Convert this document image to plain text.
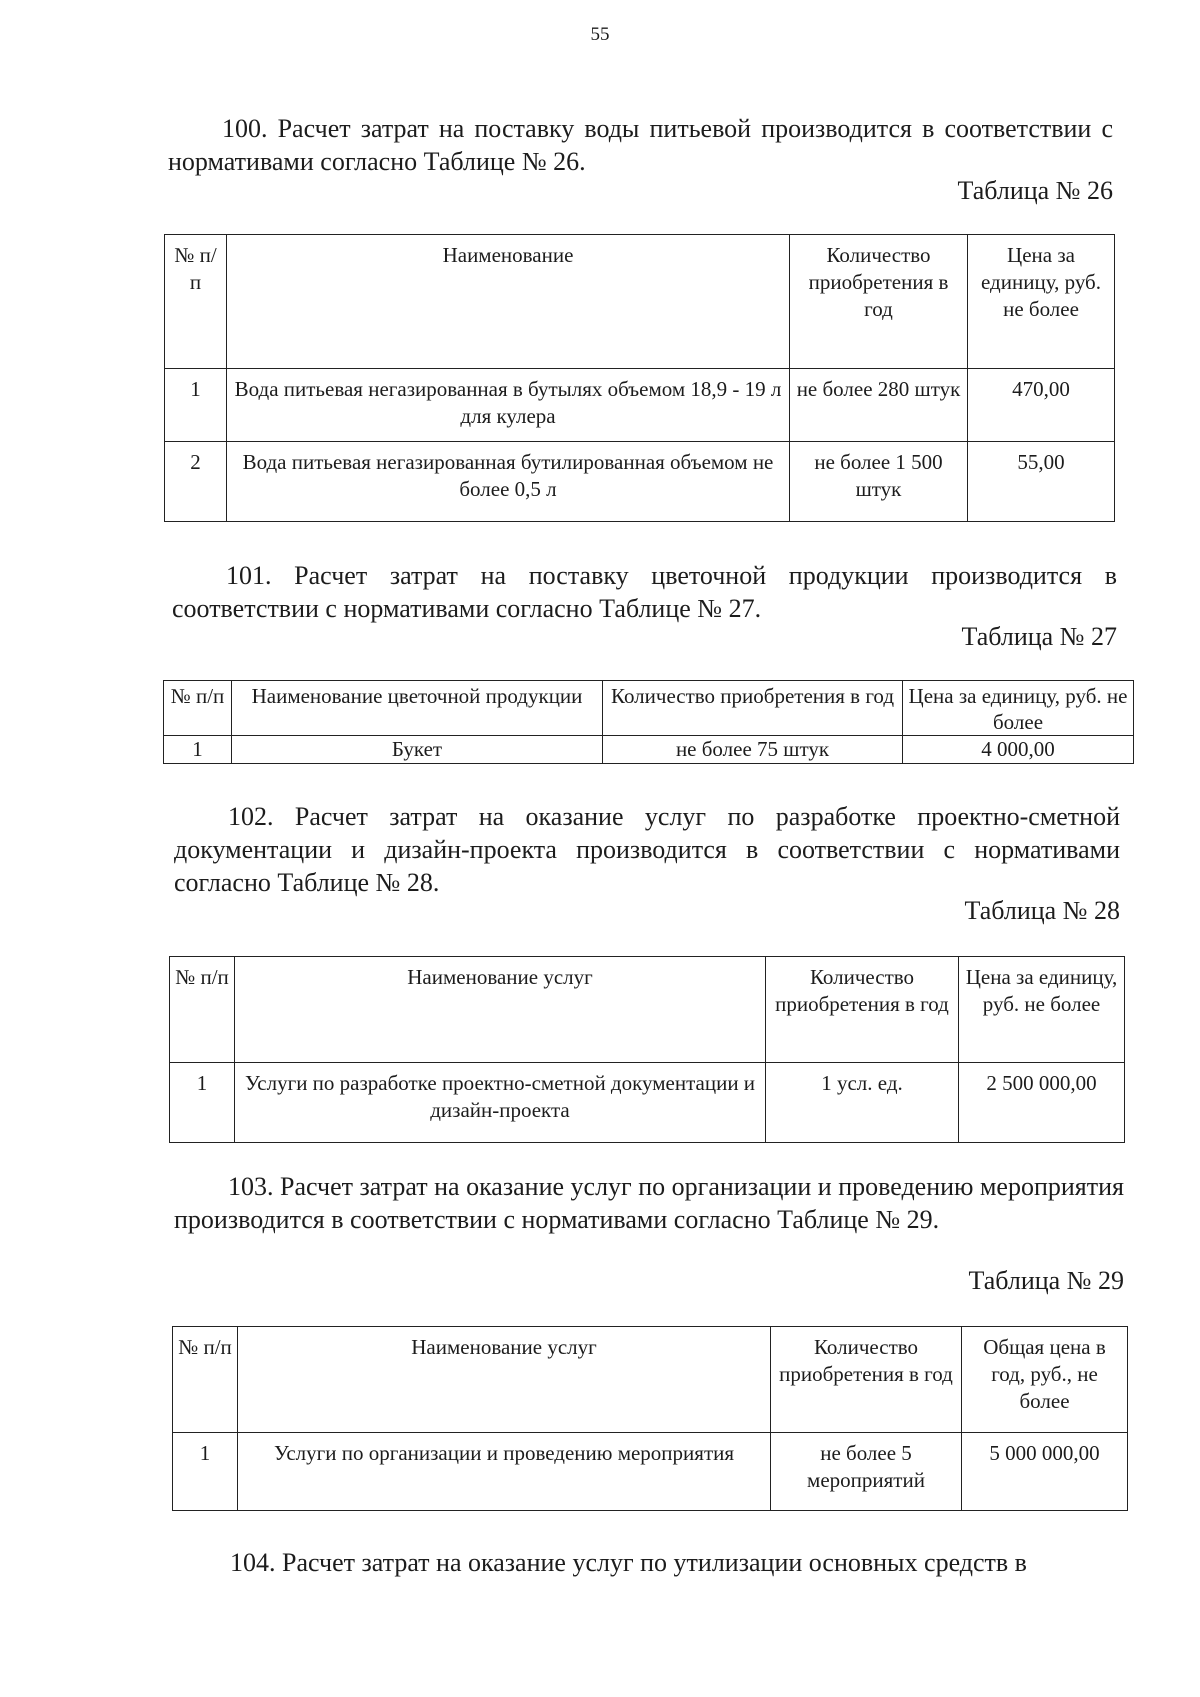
55
100. Расчет затрат на поставку воды питьевой производится в соответствии с нормативами согласно Таблице № 26.
Таблица № 26
№ п/п	Наименование	Количество приобретения в год	Цена за единицу, руб. не более
1	Вода питьевая негазированная в бутылях объемом 18,9 - 19 л для кулера	не более 280 штук	470,00
2	Вода питьевая негазированная бутилированная объемом не более 0,5 л	не более 1 500 штук	55,00
101. Расчет затрат на поставку цветочной продукции производится в соответствии с нормативами согласно Таблице № 27.
Таблица № 27
№ п/п	Наименование цветочной продукции	Количество приобретения в год	Цена за единицу, руб. не более
1	Букет	не более 75 штук	4 000,00
102. Расчет затрат на оказание услуг по разработке проектно-сметной документации и дизайн-проекта производится в соответствии с нормативами согласно Таблице № 28.
Таблица № 28
№ п/п	Наименование услуг	Количество приобретения в год	Цена за единицу, руб. не более
1	Услуги по разработке проектно-сметной документации и дизайн-проекта	1 усл. ед.	2 500 000,00
103. Расчет затрат на оказание услуг по организации и проведению мероприятия производится в соответствии с нормативами согласно Таблице № 29.
Таблица № 29
№ п/п	Наименование услуг	Количество приобретения в год	Общая цена в год, руб., не более
1	Услуги по организации и проведению мероприятия	не более 5 мероприятий	5 000 000,00
104. Расчет затрат на оказание услуг по утилизации основных средств в
